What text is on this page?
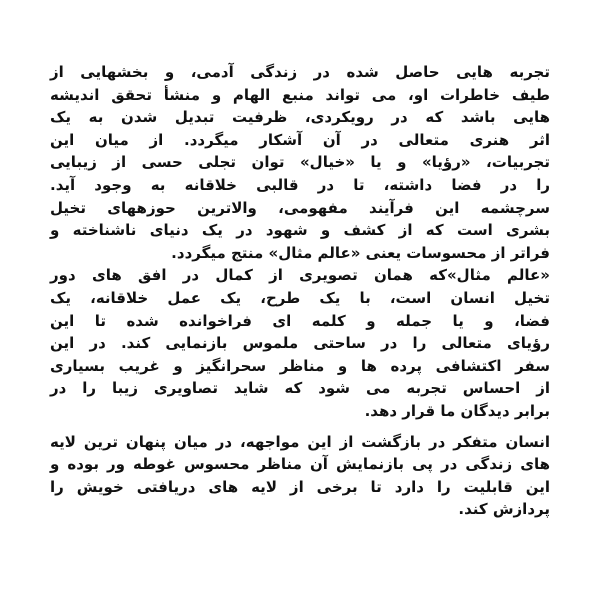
تجربه هایی حاصل شده در زندگی آدمی، و بخشهایی از
طیف خاطرات او، می تواند منبع الهام و منشأ تحقق اندیشه
هایی باشد که در رویکردی، ظرفیت تبدیل شدن به یک
اثر هنری متعالی در آن آشکار میگردد. از میان این
تجربیات، «رؤیا» و یا «خیال» توان تجلی حسی از زیبایی
را در فضا داشته، تا در قالبی خلاقانه به وجود آید.
سرچشمه این فرآیند مفهومی، والاترین حوزههای تخیل
بشری است که از کشف و شهود در یک دنیای ناشناخته و
فراتر از محسوسات یعنی «عالم مثال» منتج میگردد.
«عالم مثال»که همان تصویری از کمال در افق های دور
تخیل انسان است، با یک طرح، یک عمل خلاقانه، یک
فضا، و یا جمله و کلمه ای فراخوانده شده تا این
رؤیای متعالی را در ساحتی ملموس بازنمایی کند. در این
سفر اکتشافی پرده ها و مناظر سحرانگیز و غریب بسیاری
از احساس تجربه می شود که شاید تصاویری زیبا را در
برابر دیدگان ما قرار دهد.
انسان متفکر در بازگشت از این مواجهه، در میان پنهان ترین لایه
های زندگی در پی بازنمایش آن مناظر محسوس غوطه ور بوده و
این قابلیت را دارد تا برخی از لایه های دریافتی خویش را
پردازش کند.
